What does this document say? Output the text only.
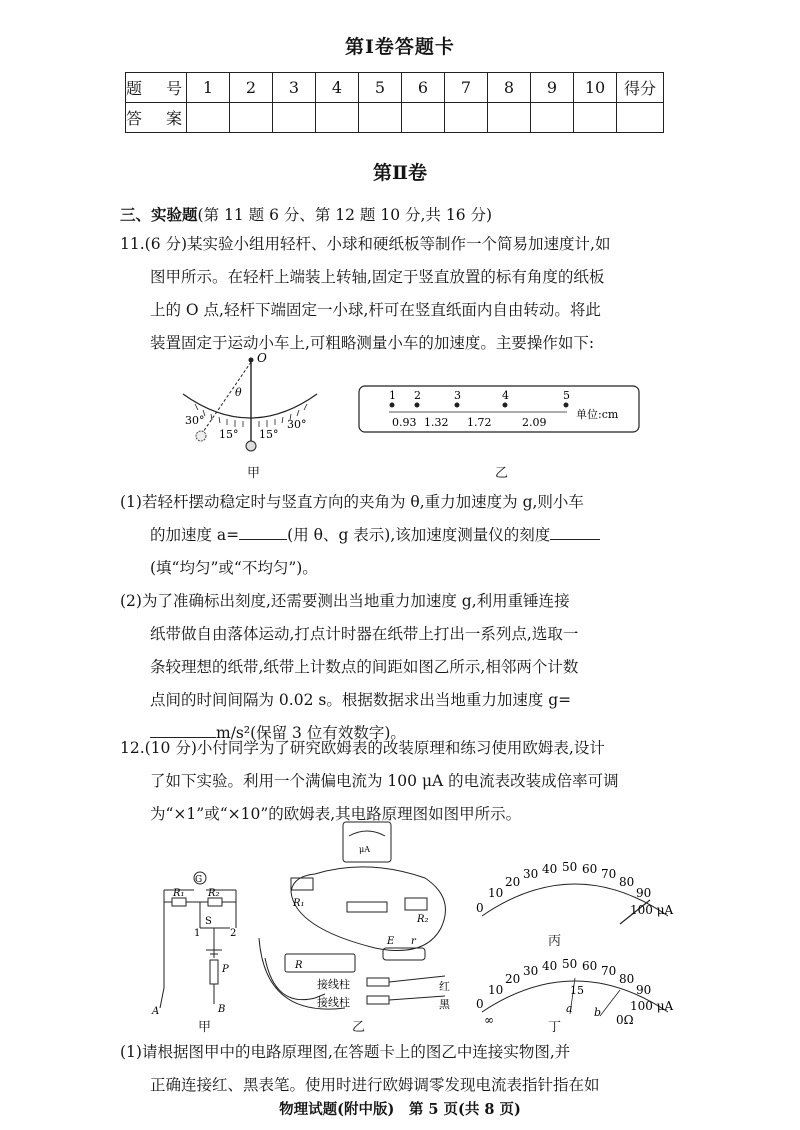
第Ⅰ卷答题卡
题　号	1	2	3	4	5	6	7	8	9	10	得分
答　案											
第Ⅱ卷
三、实验题(第 11 题 6 分、第 12 题 10 分,共 16 分)
11.(6 分)某实验小组用轻杆、小球和硬纸板等制作一个简易加速度计,如
图甲所示。在轻杆上端装上转轴,固定于竖直放置的标有角度的纸板
上的 O 点,轻杆下端固定一小球,杆可在竖直纸面内自由转动。将此
装置固定于运动小车上,可粗略测量小车的加速度。主要操作如下:
O
θ
30°
15° 15°
30°
甲
1 2	3	4	5
0.93 1.32 1.72	2.09
单位:cm
乙
(1)若轻杆摆动稳定时与竖直方向的夹角为 θ,重力加速度为 g,则小车
的加速度 a=	(用 θ、g 表示),该加速度测量仪的刻度
(填“均匀”或“不均匀”)。
(2)为了准确标出刻度,还需要测出当地重力加速度 g,利用重锤连接
纸带做自由落体运动,打点计时器在纸带上打出一系列点,选取一
条较理想的纸带,纸带上计数点的间距如图乙所示,相邻两个计数
点间的时间间隔为 0.02 s。根据数据求出当地重力加速度 g=
m/s²(保留 3 位有效数字)。
12.(10 分)小付同学为了研究欧姆表的改装原理和练习使用欧姆表,设计
了如下实验。利用一个满偏电流为 100 μA 的电流表改装成倍率可调
为“×1”或“×10”的欧姆表,其电路原理图如图甲所示。
G
R₁ R₂
S
1	2
P
A	B
甲
μA
R₁
R₂
R
E r
接线柱
接线柱
红
黑
乙
0
10
20
30 40 50 60 70
80
90
100 μA
丙
0
10
20
30 40 50 60 70
80
90
100 μA
15
a b
∞	0Ω
丁
(1)请根据图甲中的电路原理图,在答题卡上的图乙中连接实物图,并
正确连接红、黑表笔。使用时进行欧姆调零发现电流表指针指在如
物理试题(附中版)　第 5 页(共 8 页)
